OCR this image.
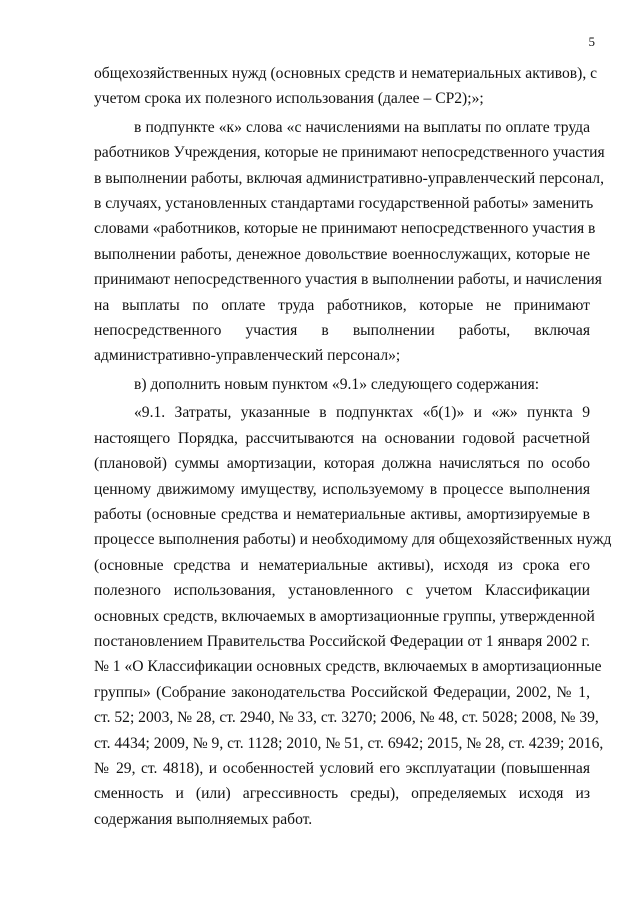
5
общехозяйственных нужд (основных средств и нематериальных активов), с
учетом срока их полезного использования (далее – СР2);»;
в подпункте «к» слова «с начислениями на выплаты по оплате труда
работников Учреждения, которые не принимают непосредственного участия
в выполнении работы, включая административно-управленческий персонал,
в случаях, установленных стандартами государственной работы» заменить
словами «работников, которые не принимают непосредственного участия в
выполнении работы, денежное довольствие военнослужащих, которые не
принимают непосредственного участия в выполнении работы, и начисления
на выплаты по оплате труда работников, которые не принимают
непосредственного участия в выполнении работы, включая
административно-управленческий персонал»;
в) дополнить новым пунктом «9.1» следующего содержания:
«9.1. Затраты, указанные в подпунктах «б(1)» и «ж» пункта 9
настоящего Порядка, рассчитываются на основании годовой расчетной
(плановой) суммы амортизации, которая должна начисляться по особо
ценному движимому имуществу, используемому в процессе выполнения
работы (основные средства и нематериальные активы, амортизируемые в
процессе выполнения работы) и необходимому для общехозяйственных нужд
(основные средства и нематериальные активы), исходя из срока его
полезного использования, установленного с учетом Классификации
основных средств, включаемых в амортизационные группы, утвержденной
постановлением Правительства Российской Федерации от 1 января 2002 г.
№ 1 «О Классификации основных средств, включаемых в амортизационные
группы» (Собрание законодательства Российской Федерации, 2002, № 1,
ст. 52; 2003, № 28, ст. 2940, № 33, ст. 3270; 2006, № 48, ст. 5028; 2008, № 39,
ст. 4434; 2009, № 9, ст. 1128; 2010, № 51, ст. 6942; 2015, № 28, ст. 4239; 2016,
№ 29, ст. 4818), и особенностей условий его эксплуатации (повышенная
сменность и (или) агрессивность среды), определяемых исходя из
содержания выполняемых работ.
